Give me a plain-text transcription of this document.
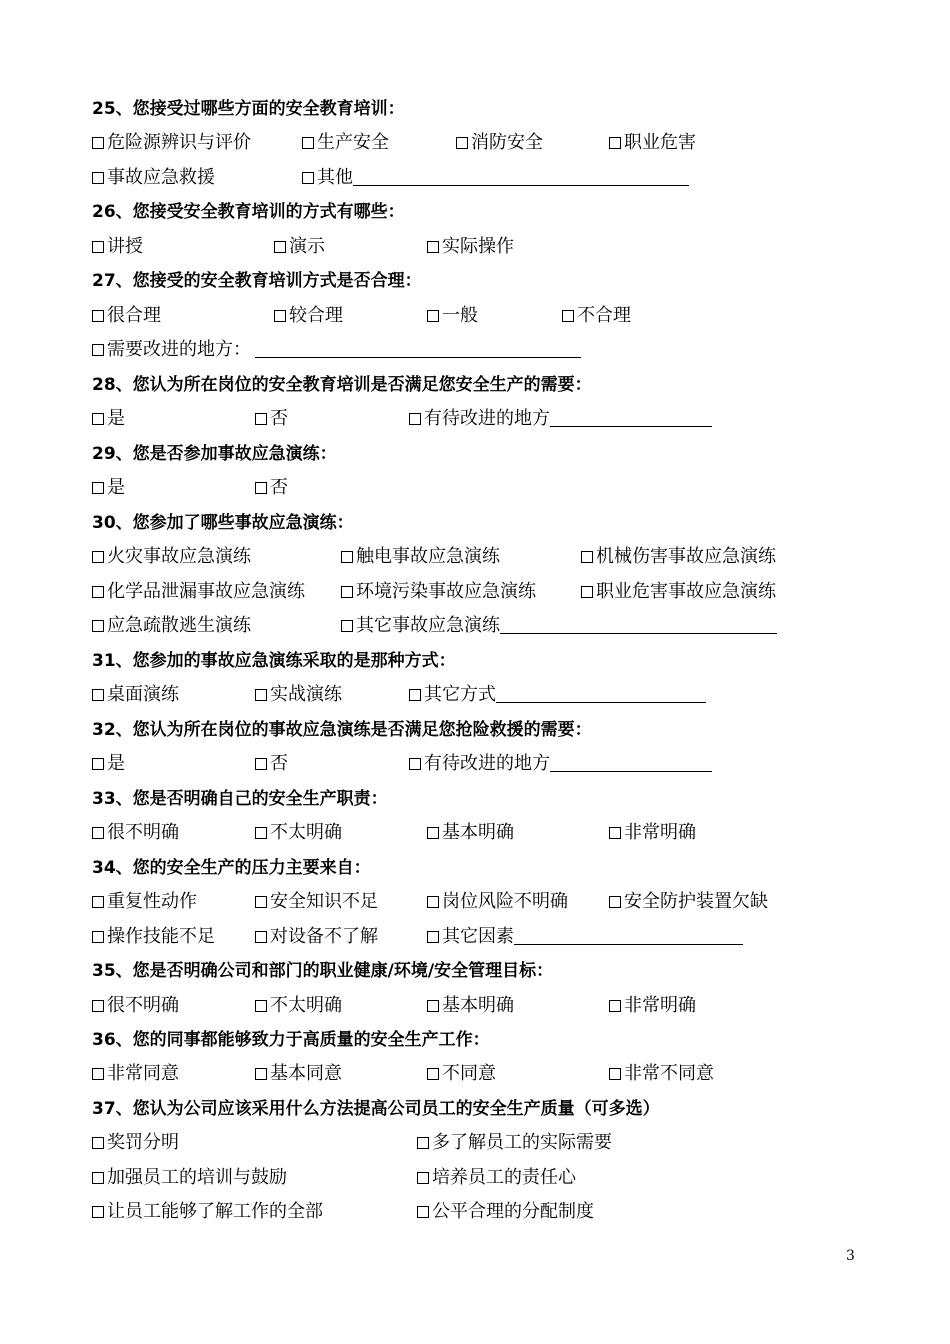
25、您接受过哪些方面的安全教育培训：
危险源辨识与评价	生产安全	消防安全	职业危害
事故应急救援	其他
26、您接受安全教育培训的方式有哪些：
讲授	演示	实际操作
27、您接受的安全教育培训方式是否合理：
很合理	较合理	一般	不合理
需要改进的地方：
28、您认为所在岗位的安全教育培训是否满足您安全生产的需要：
是	否	有待改进的地方
29、您是否参加事故应急演练：
是	否
30、您参加了哪些事故应急演练：
火灾事故应急演练	触电事故应急演练	机械伤害事故应急演练
化学品泄漏事故应急演练	环境污染事故应急演练	职业危害事故应急演练
应急疏散逃生演练	其它事故应急演练
31、您参加的事故应急演练采取的是那种方式：
桌面演练	实战演练	其它方式
32、您认为所在岗位的事故应急演练是否满足您抢险救援的需要：
是	否	有待改进的地方
33、您是否明确自己的安全生产职责：
很不明确	不太明确	基本明确	非常明确
34、您的安全生产的压力主要来自：
重复性动作	安全知识不足	岗位风险不明确	安全防护装置欠缺
操作技能不足	对设备不了解	其它因素
35、您是否明确公司和部门的职业健康/环境/安全管理目标：
很不明确	不太明确	基本明确	非常明确
36、您的同事都能够致力于高质量的安全生产工作：
非常同意	基本同意	不同意	非常不同意
37、您认为公司应该采用什么方法提高公司员工的安全生产质量（可多选）
奖罚分明	多了解员工的实际需要
加强员工的培训与鼓励	培养员工的责任心
让员工能够了解工作的全部	公平合理的分配制度
3
